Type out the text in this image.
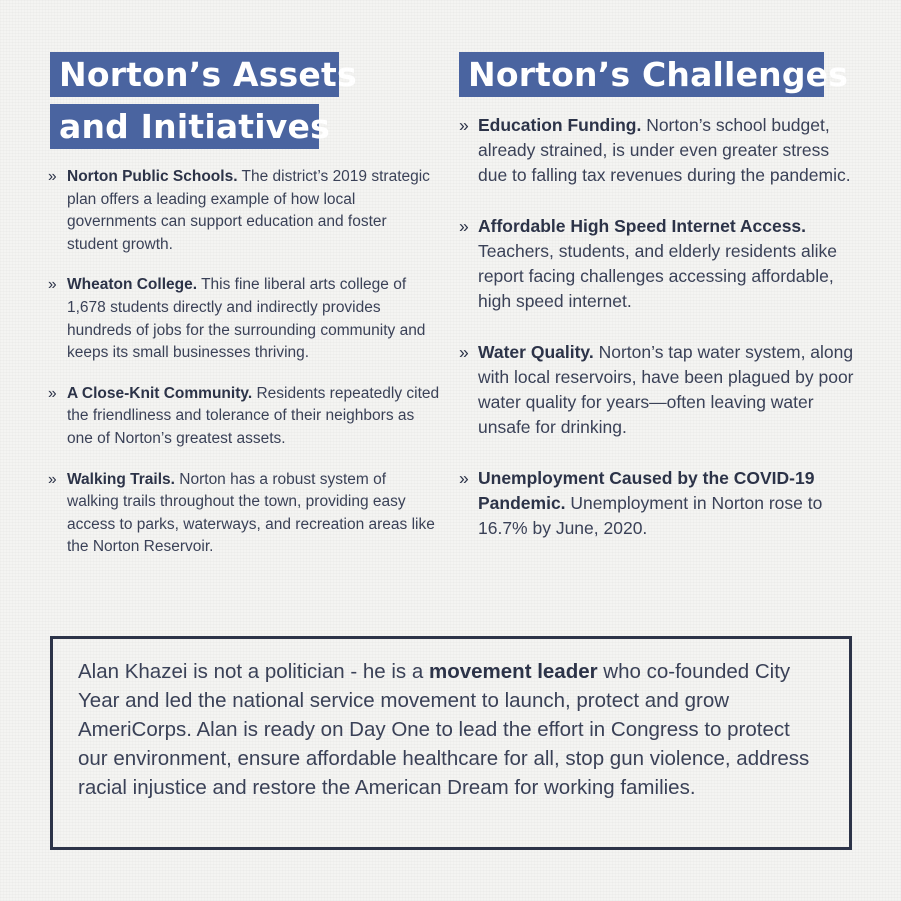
Norton’s Assets
and Initiatives
» Norton Public Schools. The district’s 2019 strategic plan offers a leading example of how local governments can support education and foster student growth.
» Wheaton College. This fine liberal arts college of 1,678 students directly and indirectly provides hundreds of jobs for the surrounding community and keeps its small businesses thriving.
» A Close-Knit Community. Residents repeatedly cited the friendliness and tolerance of their neighbors as one of Norton’s greatest assets.
» Walking Trails. Norton has a robust system of walking trails throughout the town, providing easy access to parks, waterways, and recreation areas like the Norton Reservoir.
Norton’s Challenges
» Education Funding. Norton’s school budget, already strained, is under even greater stress due to falling tax revenues during the pandemic.
» Affordable High Speed Internet Access. Teachers, students, and elderly residents alike report facing challenges accessing affordable, high speed internet.
» Water Quality. Norton’s tap water system, along with local reservoirs, have been plagued by poor water quality for years—often leaving water unsafe for drinking.
» Unemployment Caused by the COVID-19 Pandemic. Unemployment in Norton rose to 16.7% by June, 2020.
Alan Khazei is not a politician - he is a movement leader who co-founded City Year and led the national service movement to launch, protect and grow AmeriCorps. Alan is ready on Day One to lead the effort in Congress to protect our environment, ensure affordable healthcare for all, stop gun violence, address racial injustice and restore the American Dream for working families.
